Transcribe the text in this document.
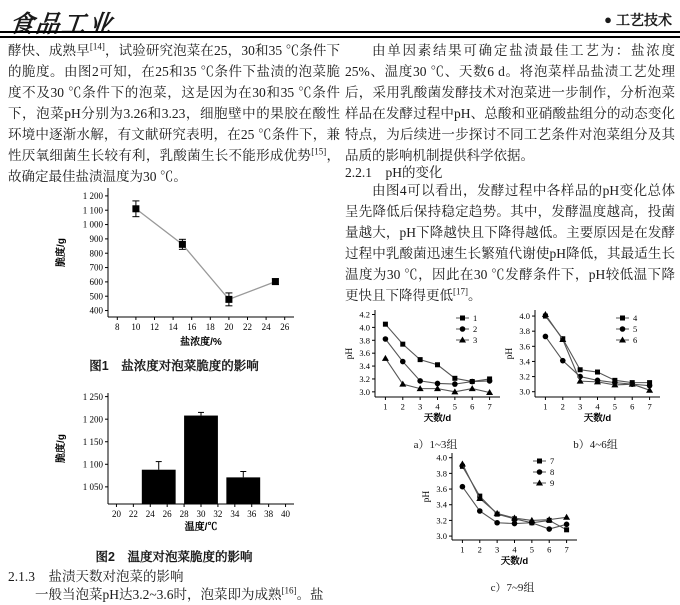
食品工业	● 工艺技术
酵快、成熟早[14]，试验研究泡菜在25，30和35 ℃条件下的脆度。由图2可知，在25和35 ℃条件下盐渍的泡菜脆度不及30 ℃条件下的泡菜，这是因为在30和35 ℃条件下，泡菜pH分别为3.26和3.23，细胞壁中的果胶在酸性环境中逐渐水解，有文献研究表明，在25 ℃条件下，兼性厌氧细菌生长较有利，乳酸菌生长不能形成优势[15]，故确定最佳盐渍温度为30 ℃。
8 10 12 14 16 18 20 22 24 26
400
500
600
700
800
900
1 000
1 100
1 200
盐浓度/%
脆度/g
图1　盐浓度对泡菜脆度的影响
20 22 24 26 28 30 32 34 36 38 40
1 050
1 100
1 150
1 200
1 250
温度/℃
脆度/g
图2　温度对泡菜脆度的影响
2.1.3　盐渍天数对泡菜的影响
一般当泡菜pH达3.2~3.6时，泡菜即为成熟[16]。盐
由单因素结果可确定盐渍最佳工艺为：盐浓度25%、温度30 ℃、天数6 d。将泡菜样品盐渍工艺处理后，采用乳酸菌发酵技术对泡菜进一步制作，分析泡菜样品在发酵过程中pH、总酸和亚硝酸盐组分的动态变化特点，为后续进一步探讨不同工艺条件对泡菜组分及其品质的影响机制提供科学依据。
2.2.1　pH的变化
由图4可以看出，发酵过程中各样品的pH变化总体呈先降低后保持稳定趋势。其中，发酵温度越高，投菌量越大，pH下降越快且下降得越低。主要原因是在发酵过程中乳酸菌迅速生长繁殖代谢使pH降低，其最适生长温度为30 ℃，因此在30 ℃发酵条件下，pH较低温下降更快且下降得更低[17]。
1 2 3 4 5 6 7
3.0
3.2
3.4
3.6
3.8
4.0
4.2
天数/d
pH
1
2
3
a）1~3组
1 2 3 4 5 6 7
3.0
3.2
3.4
3.6
3.8
4.0
天数/d
pH
4
5
6
b）4~6组
1 2 3 4 5 6 7
3.0
3.2
3.4
3.6
3.8
4.0
天数/d
pH
7
8
9
c）7~9组
